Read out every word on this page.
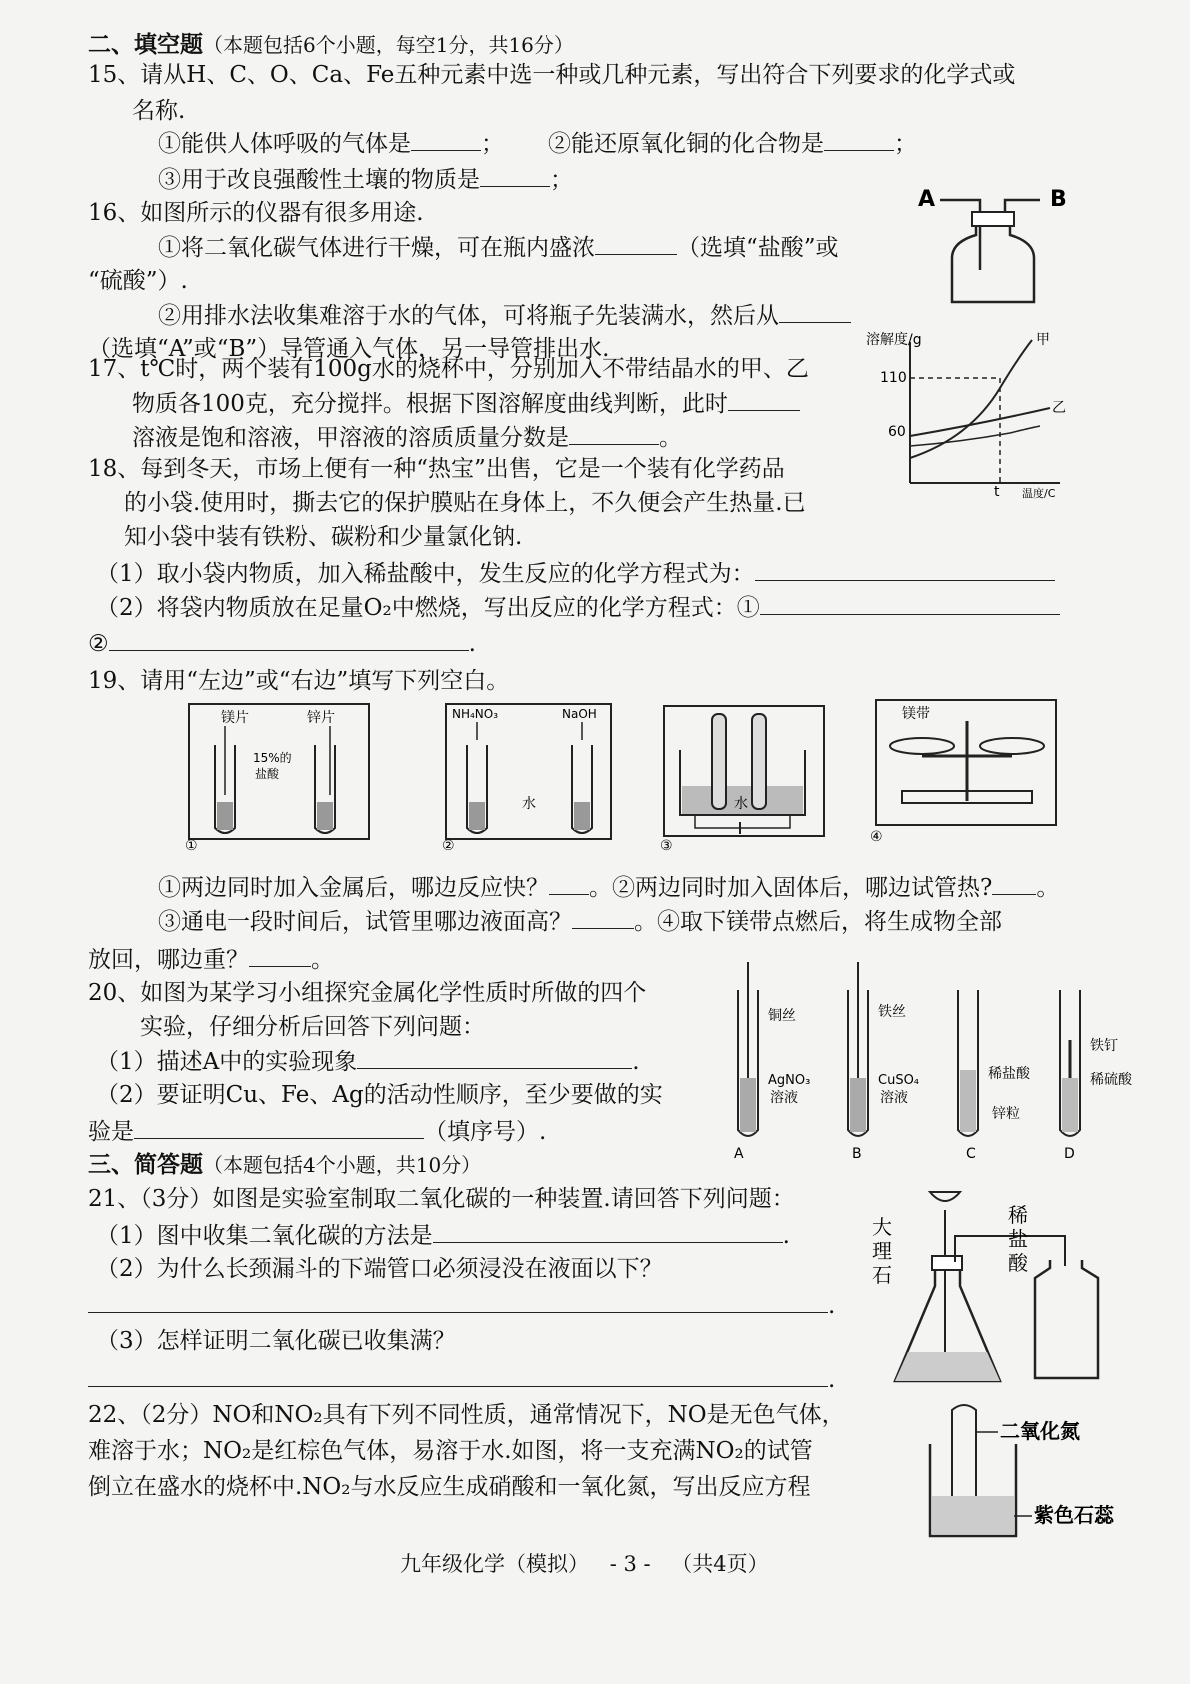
二、填空题（本题包括6个小题，每空1分，共16分）
15、请从H、C、O、Ca、Fe五种元素中选一种或几种元素，写出符合下列要求的化学式或
名称.
①能供人体呼吸的气体是	； ②能还原氧化铜的化合物是	；
③用于改良强酸性土壤的物质是	；
16、如图所示的仪器有很多用途.
①将二氧化碳气体进行干燥，可在瓶内盛浓	（选填“盐酸”或
“硫酸”）.
②用排水法收集难溶于水的气体，可将瓶子先装满水，然后从
（选填“A”或“B”）导管通入气体，另一导管排出水.
A	B
17、t℃时，两个装有100g水的烧杯中，分别加入不带结晶水的甲、乙
物质各100克，充分搅拌。根据下图溶解度曲线判断，此时
溶液是饱和溶液，甲溶液的溶质质量分数是	。
溶解度/g
温度/C
110
60
t
甲
乙
18、每到冬天，市场上便有一种“热宝”出售，它是一个装有化学药品
的小袋.使用时，撕去它的保护膜贴在身体上，不久便会产生热量.已
知小袋中装有铁粉、碳粉和少量氯化钠.
（1）取小袋内物质，加入稀盐酸中，发生反应的化学方程式为：
（2）将袋内物质放在足量O₂中燃烧，写出反应的化学方程式：①
②	.
19、请用“左边”或“右边”填写下列空白。
镁片	锌片
15%的
盐酸
①
NH₄NO₃	NaOH
水
②
水
③
镁带
④
①两边同时加入金属后，哪边反应快？ 。②两边同时加入固体后，哪边试管热? 。
③通电一段时间后，试管里哪边液面高？	。④取下镁带点燃后，将生成物全部
放回，哪边重？	。
20、如图为某学习小组探究金属化学性质时所做的四个
实验，仔细分析后回答下列问题：
（1）描述A中的实验现象	.
（2）要证明Cu、Fe、Ag的活动性顺序，至少要做的实
验是	（填序号）.
铜丝
AgNO₃
溶液
A
铁丝
CuSO₄
溶液
B
稀盐酸
锌粒
C
铁钉
稀硫酸
D
三、简答题（本题包括4个小题，共10分）
21、（3分）如图是实验室制取二氧化碳的一种装置.请回答下列问题：
（1）图中收集二氧化碳的方法是	.
（2）为什么长颈漏斗的下端管口必须浸没在液面以下？
.
（3）怎样证明二氧化碳已收集满？
.
大
理
石
稀
盐
酸
22、（2分）NO和NO₂具有下列不同性质，通常情况下，NO是无色气体，
难溶于水；NO₂是红棕色气体，易溶于水.如图，将一支充满NO₂的试管
倒立在盛水的烧杯中.NO₂与水反应生成硝酸和一氧化氮，写出反应方程
二氧化氮
紫色石蕊
九年级化学（模拟） - 3 - （共4页）
